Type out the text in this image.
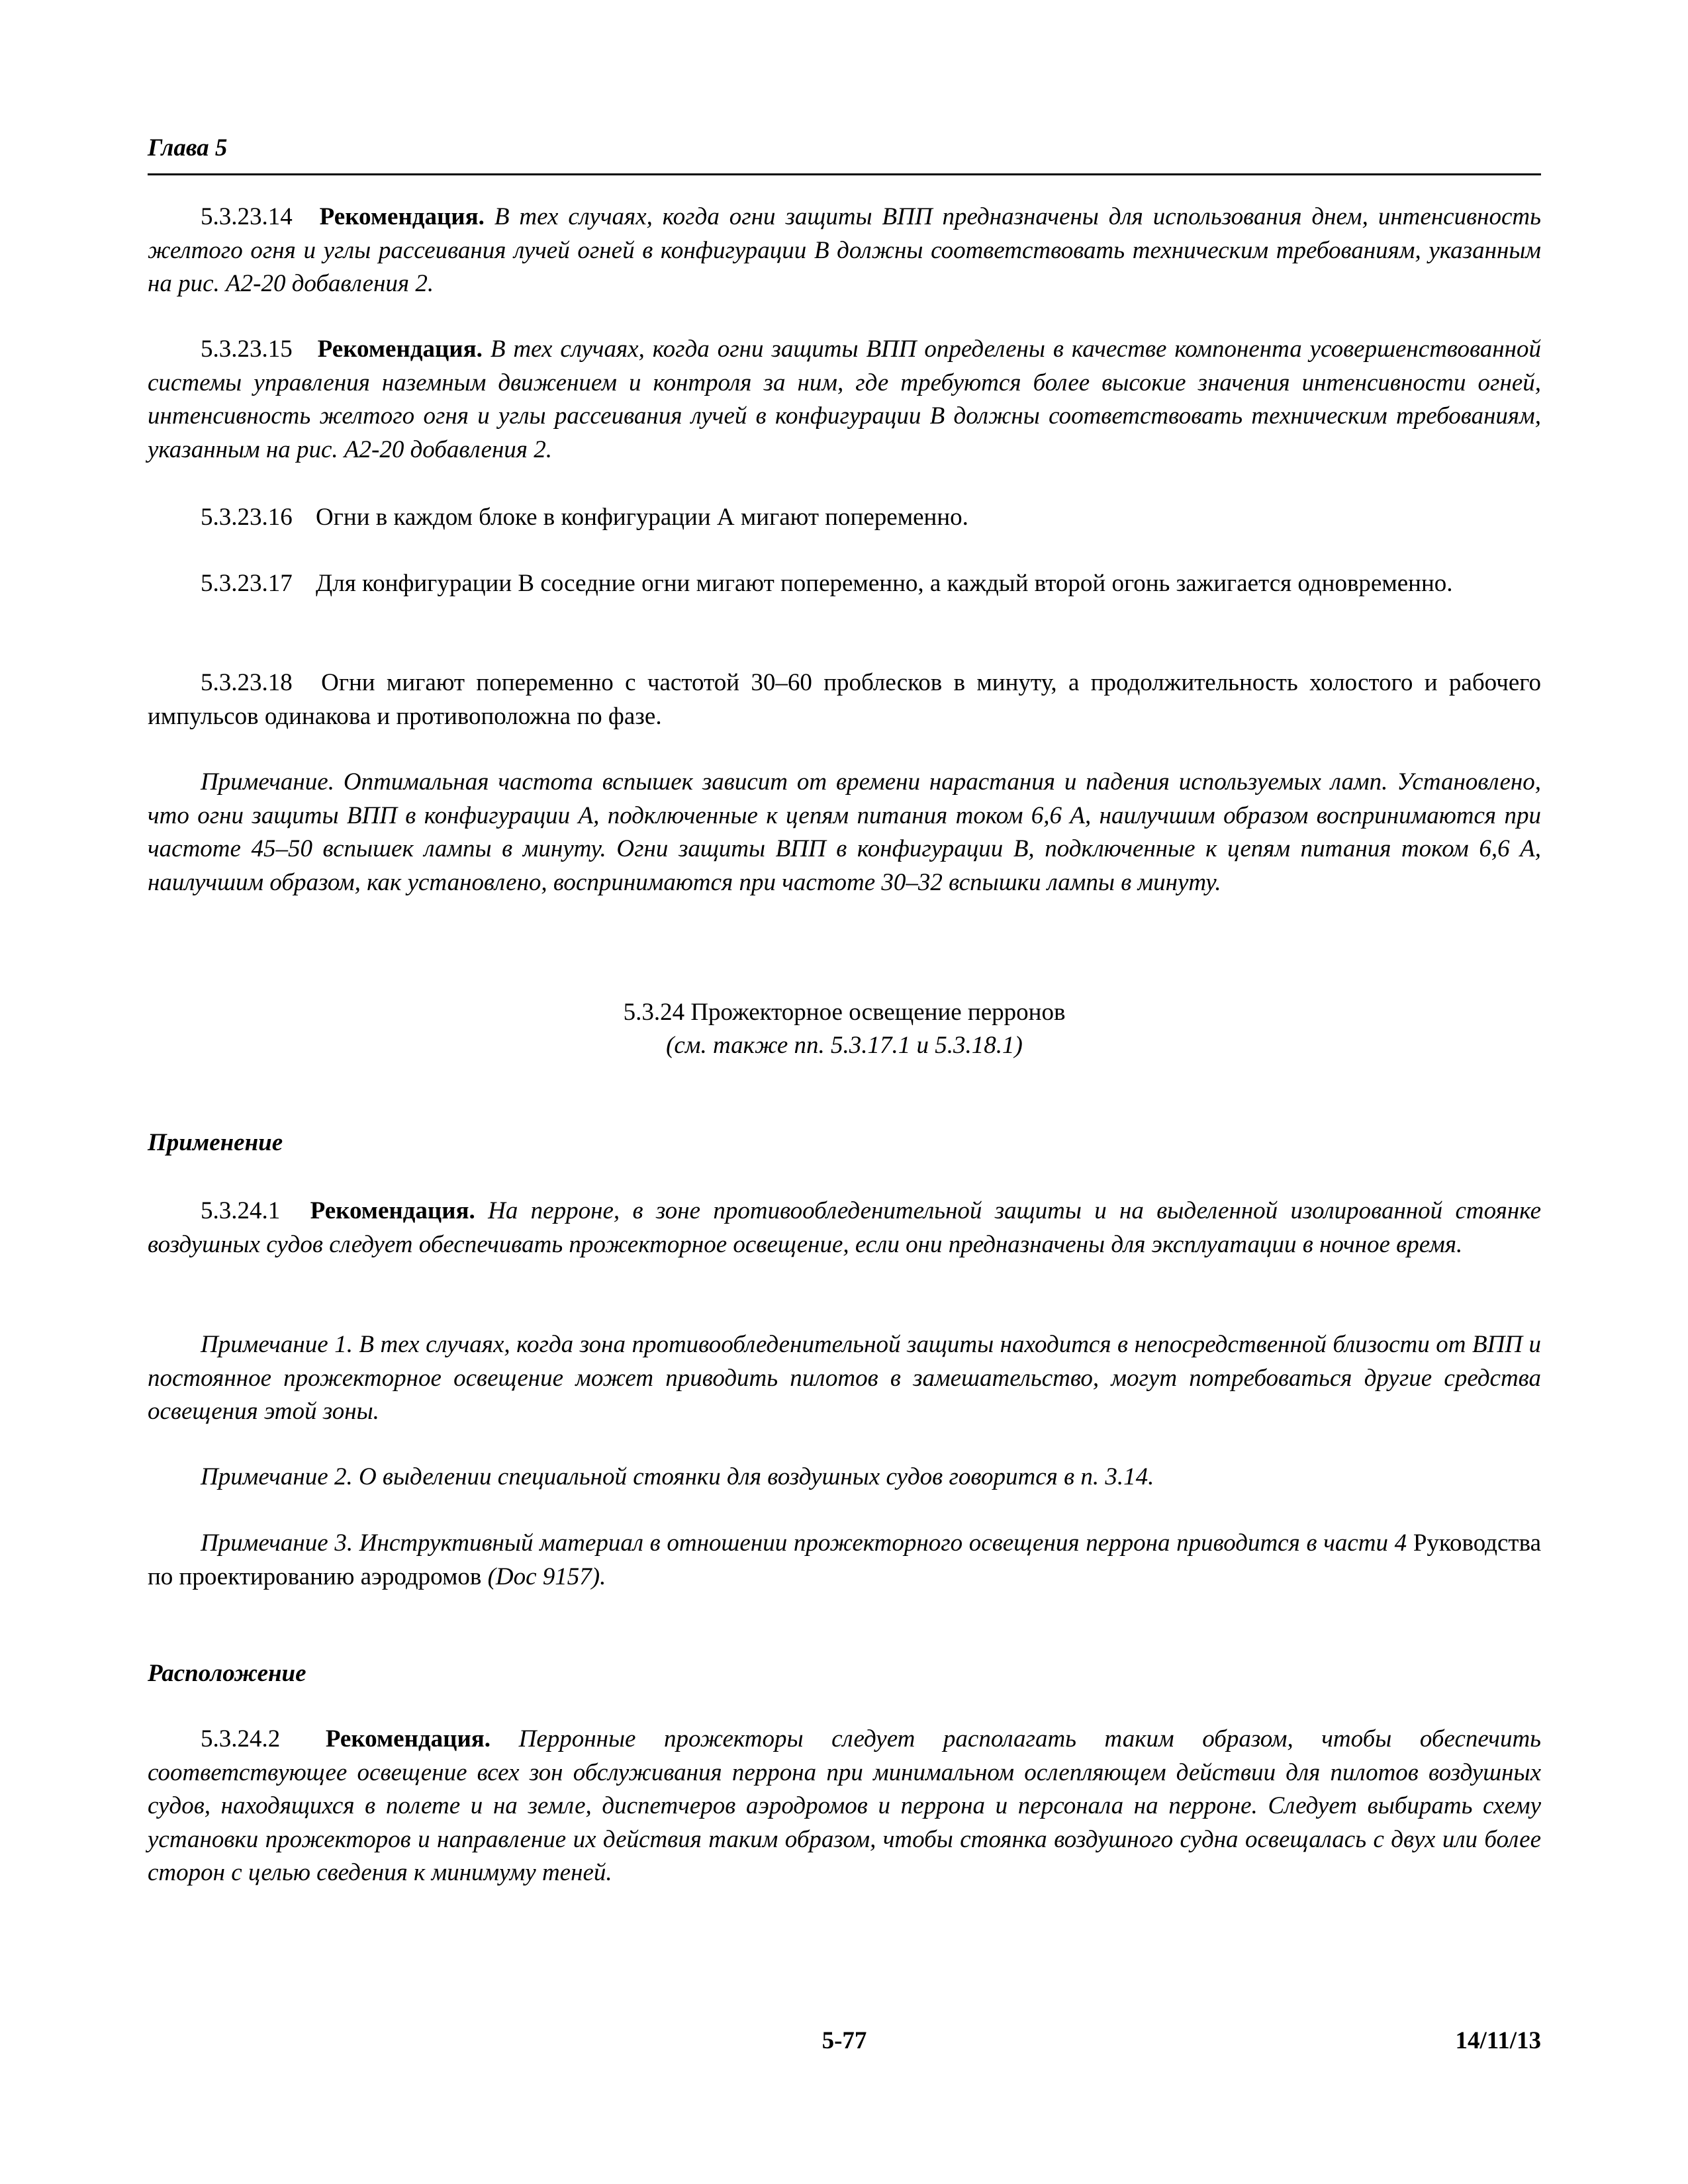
Глава 5

5.3.23.14 Рекомендация. В тех случаях, когда огни защиты ВПП предназначены для использования днем, интенсивность желтого огня и углы рассеивания лучей огней в конфигурации В должны соответствовать техническим требованиям, указанным на рис. А2-20 добавления 2.

5.3.23.15 Рекомендация. В тех случаях, когда огни защиты ВПП определены в качестве компонента усовершенствованной системы управления наземным движением и контроля за ним, где требуются более высокие значения интенсивности огней, интенсивность желтого огня и углы рассеивания лучей в конфигурации В должны соответствовать техническим требованиям, указанным на рис. А2-20 добавления 2.

5.3.23.16 Огни в каждом блоке в конфигурации А мигают попеременно.

5.3.23.17 Для конфигурации В соседние огни мигают попеременно, а каждый второй огонь зажигается одновременно.

5.3.23.18 Огни мигают попеременно с частотой 30–60 проблесков в минуту, а продолжительность холостого и рабочего импульсов одинакова и противоположна по фазе.

Примечание. Оптимальная частота вспышек зависит от времени нарастания и падения используемых ламп. Установлено, что огни защиты ВПП в конфигурации А, подключенные к цепям питания током 6,6 А, наилучшим образом воспринимаются при частоте 45–50 вспышек лампы в минуту. Огни защиты ВПП в конфигурации В, подключенные к цепям питания током 6,6 А, наилучшим образом, как установлено, воспринимаются при частоте 30–32 вспышки лампы в минуту.

5.3.24 Прожекторное освещение перронов
(см. также пп. 5.3.17.1 и 5.3.18.1)
Применение

5.3.24.1 Рекомендация. На перроне, в зоне противообледенительной защиты и на выделенной изолированной стоянке воздушных судов следует обеспечивать прожекторное освещение, если они предназначены для эксплуатации в ночное время.

Примечание 1. В тех случаях, когда зона противообледенительной защиты находится в непосредственной близости от ВПП и постоянное прожекторное освещение может приводить пилотов в замешательство, могут потребоваться другие средства освещения этой зоны.

Примечание 2. О выделении специальной стоянки для воздушных судов говорится в п. 3.14.

Примечание 3. Инструктивный материал в отношении прожекторного освещения перрона приводится в части 4 Руководства по проектированию аэродромов (Doc 9157).

Расположение

5.3.24.2 Рекомендация. Перронные прожекторы следует располагать таким образом, чтобы обеспечить соответствующее освещение всех зон обслуживания перрона при минимальном ослепляющем действии для пилотов воздушных судов, находящихся в полете и на земле, диспетчеров аэродромов и перрона и персонала на перроне. Следует выбирать схему установки прожекторов и направление их действия таким образом, чтобы стоянка воздушного судна освещалась с двух или более сторон с целью сведения к минимуму теней.

5-77	14/11/13
